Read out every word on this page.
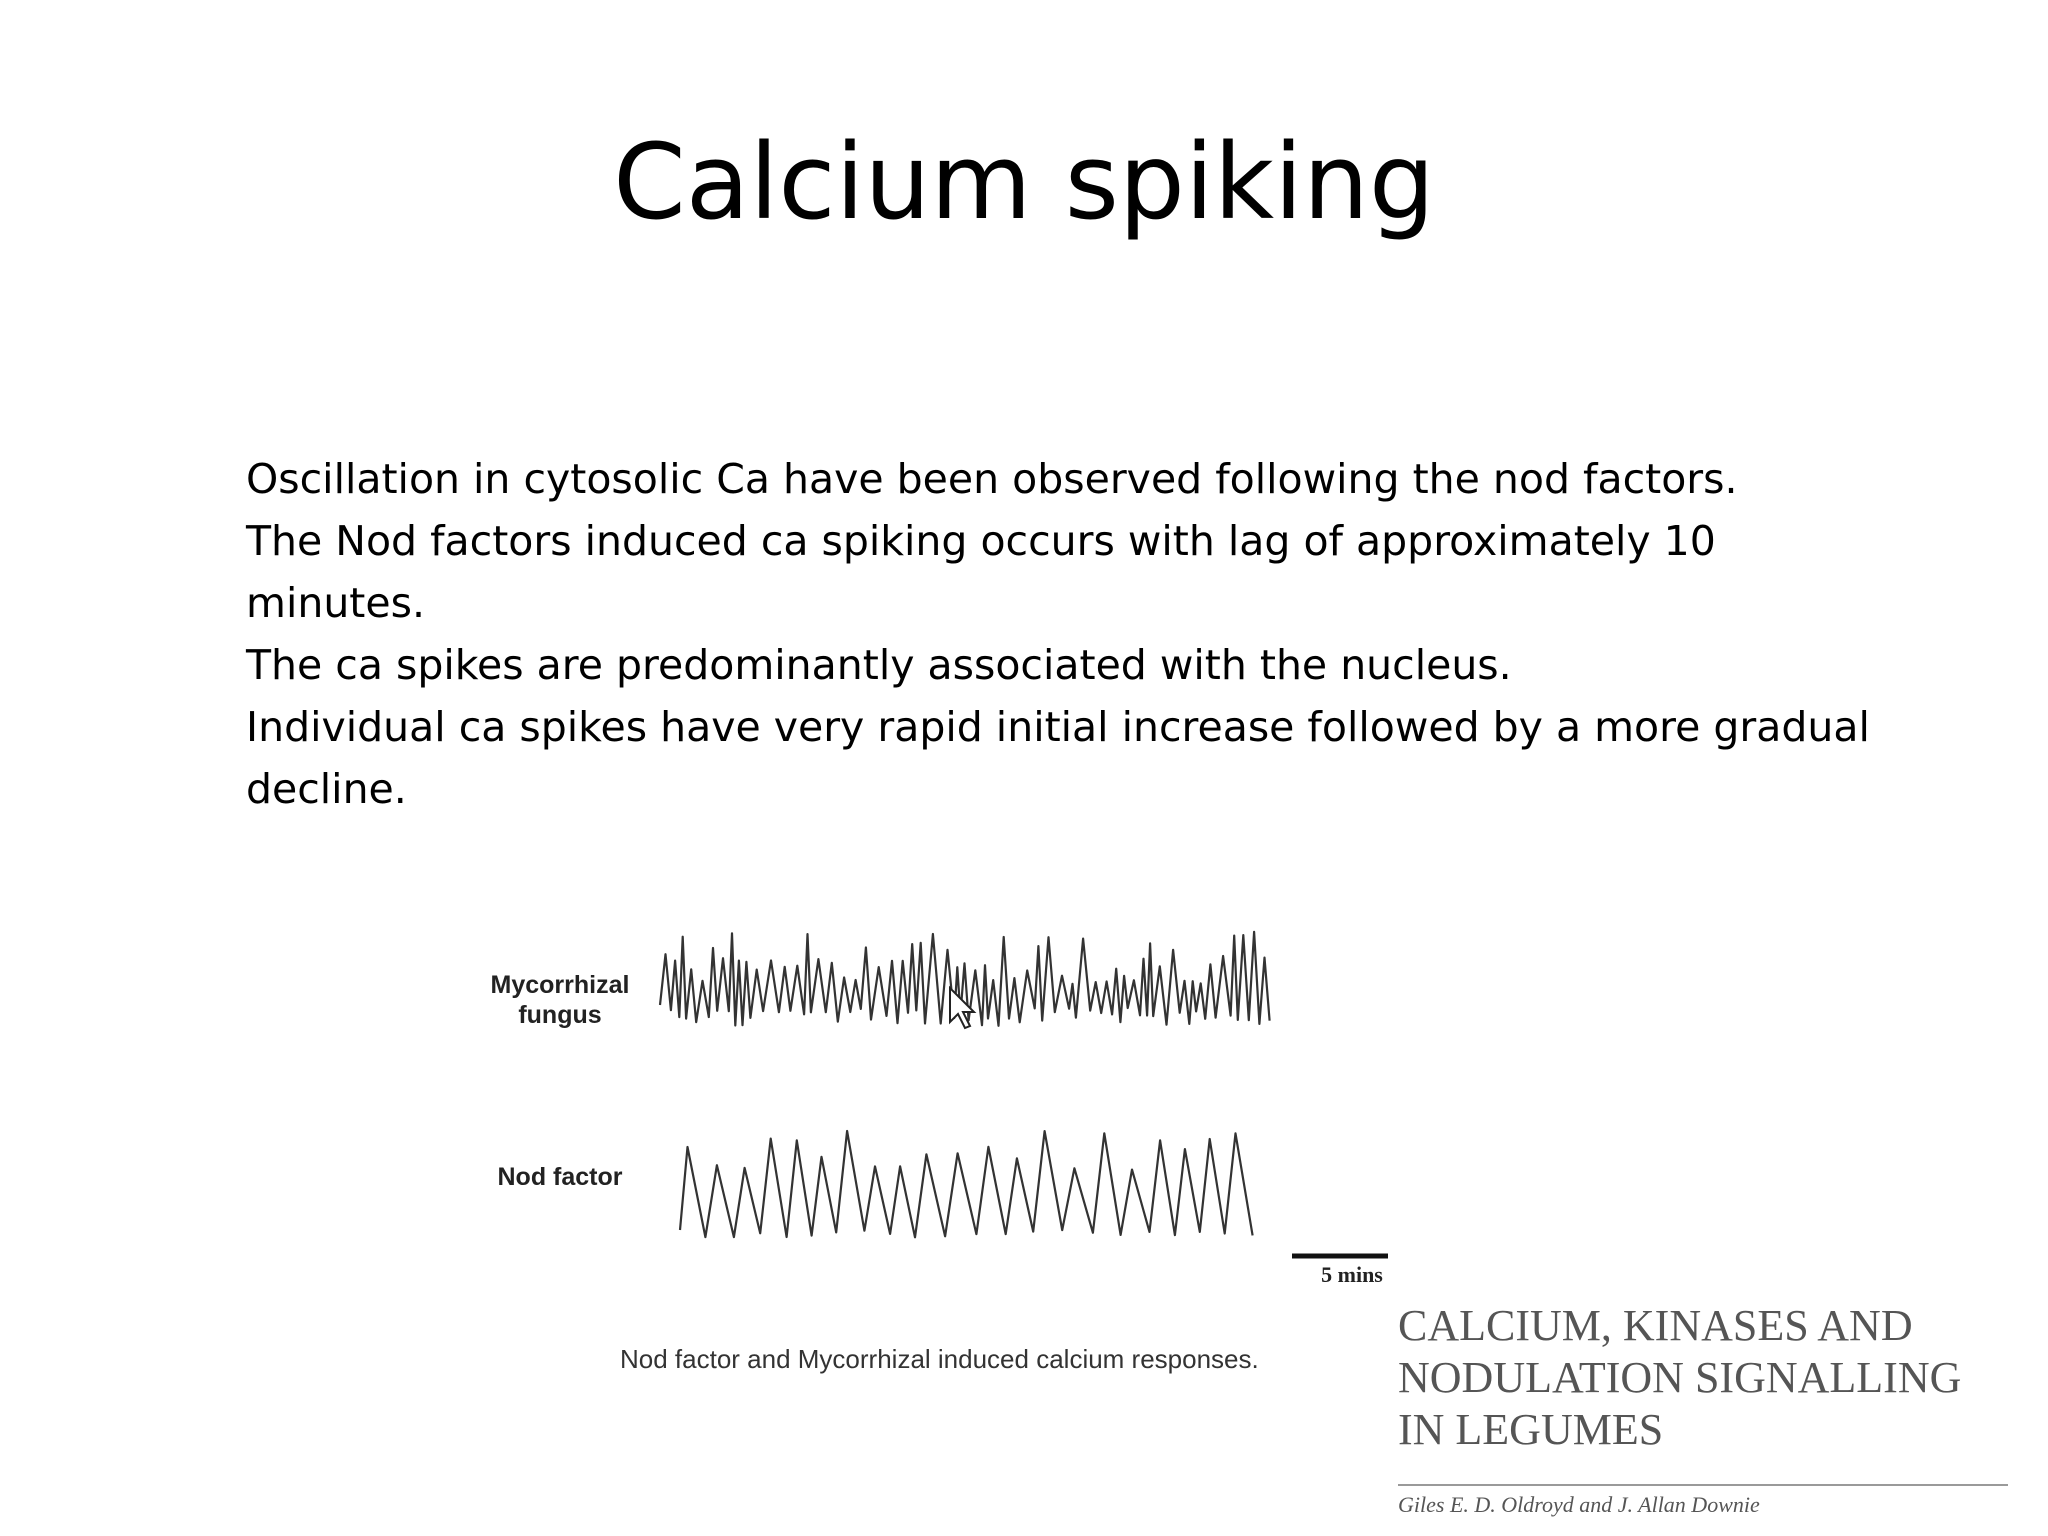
Calcium spiking

Oscillation in cytosolic Ca have been observed following the nod factors.

The Nod factors induced ca spiking occurs with lag of approximately 10 minutes.

The ca spikes are predominantly associated with the nucleus.

Individual ca spikes have very rapid initial increase followed by a more gradual decline.

Mycorrhizal fungus
Nod factor
5 mins
Nod factor and Mycorrhizal induced calcium responses.

CALCIUM, KINASES AND NODULATION SIGNALLING IN LEGUMES

Giles E. D. Oldroyd and J. Allan Downie
